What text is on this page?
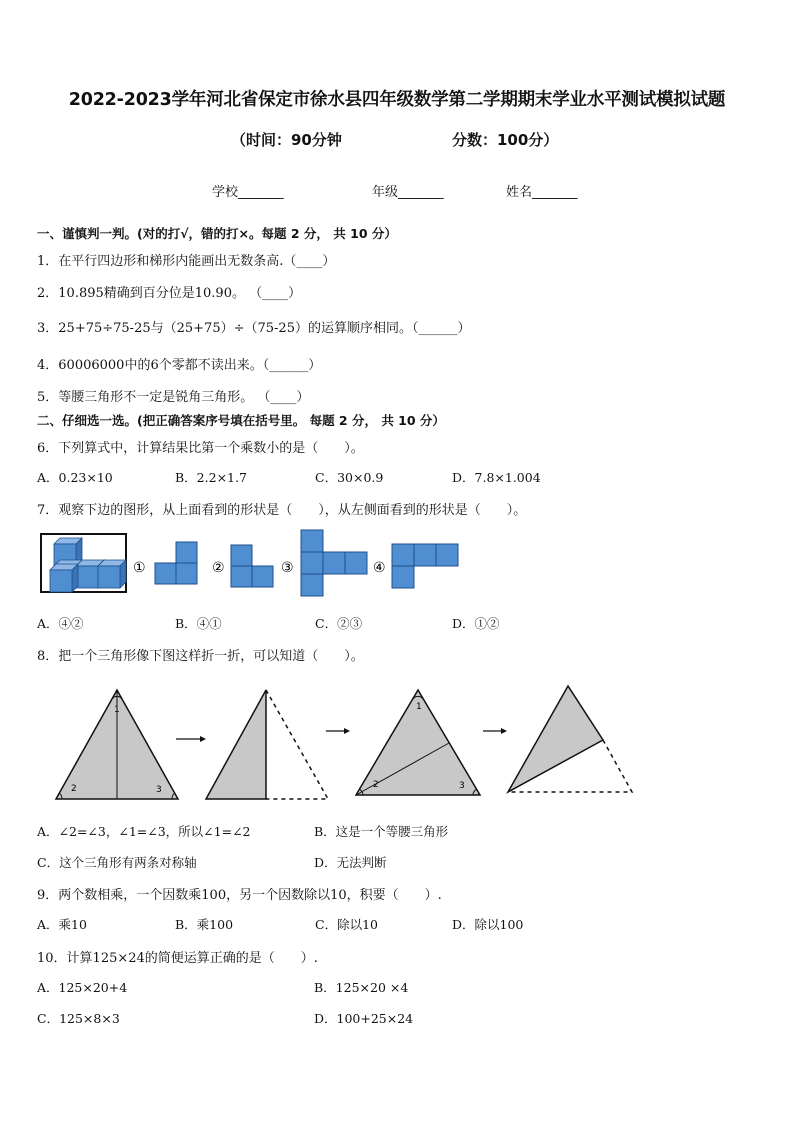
2022-2023学年河北省保定市徐水县四年级数学第二学期期末学业水平测试模拟试题
（时间：90分钟	分数：100分）
学校_______	年级_______	姓名_______
一、谨慎判一判。(对的打√，错的打×。每题 2 分， 共 10 分）
1．在平行四边形和梯形内能画出无数条高.（____）
2．10.895精确到百分位是10.90。 （____）
3．25+75÷75-25与（25+75）÷（75-25）的运算顺序相同。（______）
4．60006000中的6个零都不读出来。（______）
5．等腰三角形不一定是锐角三角形。 （____）
二、仔细选一选。(把正确答案序号填在括号里。 每题 2 分， 共 10 分）
6．下列算式中，计算结果比第一个乘数小的是（　　）。
A．0.23×10	B．2.2×1.7	C．30×0.9	D．7.8×1.004
7．观察下边的图形，从上面看到的形状是（　　），从左侧面看到的形状是（　　）。
①	②	③	④
A．④②	B．④①	C．②③	D．①②
8．把一个三角形像下图这样折一折，可以知道（　　）。
1
2	3
1
2	3
A．∠2=∠3，∠1=∠3，所以∠1=∠2	B．这是一个等腰三角形
C．这个三角形有两条对称轴	D．无法判断
9．两个数相乘，一个因数乘100，另一个因数除以10，积要（　　）.
A．乘10	B．乘100	C．除以10	D．除以100
10．计算125×24的简便运算正确的是（　　）.
A．125×20+4	B．125×20 ×4
C．125×8×3	D．100+25×24
